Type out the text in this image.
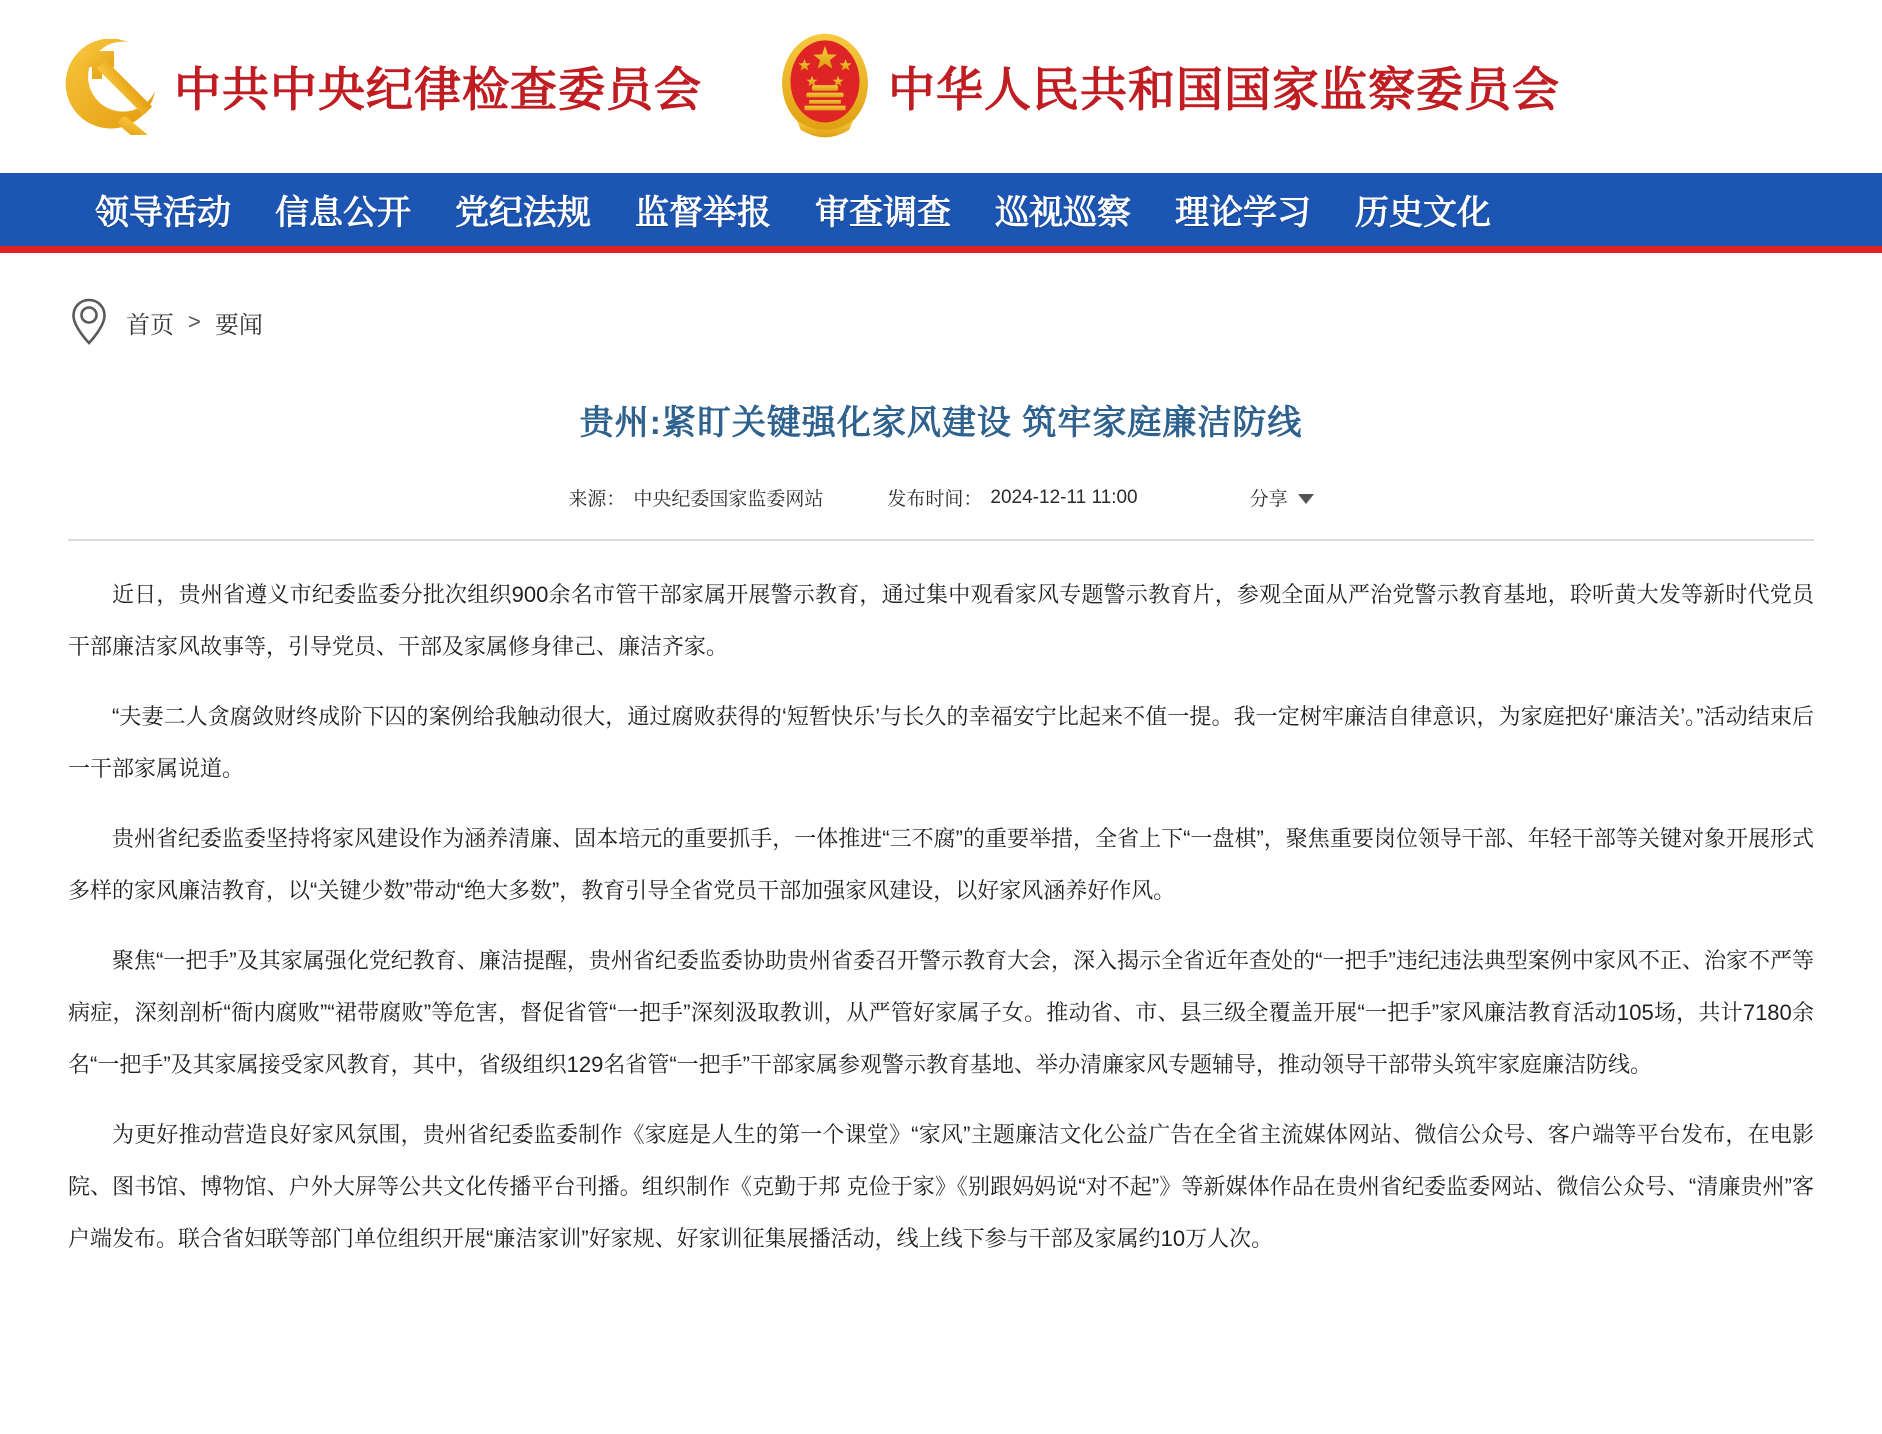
中共中央纪律检查委员会	中华人民共和国国家监察委员会
领导活动 信息公开 党纪法规 监督举报 审查调查 巡视巡察 理论学习 历史文化
首页 > 要闻
贵州:紧盯关键强化家风建设 筑牢家庭廉洁防线
来源： 中央纪委国家监委网站	发布时间： 2024-12-11 11:00	分享

近日，贵州省遵义市纪委监委分批次组织900余名市管干部家属开展警示教育，通过集中观看家风专题警示教育片，参观全面从严治党警示教育基地，聆听黄大发等新时代党员干部廉洁家风故事等，引导党员、干部及家属修身律己、廉洁齐家。

“夫妻二人贪腐敛财终成阶下囚的案例给我触动很大，通过腐败获得的‘短暂快乐’与长久的幸福安宁比起来不值一提。我一定树牢廉洁自律意识，为家庭把好‘廉洁关’。”活动结束后一干部家属说道。

贵州省纪委监委坚持将家风建设作为涵养清廉、固本培元的重要抓手，一体推进“三不腐”的重要举措，全省上下“一盘棋”，聚焦重要岗位领导干部、年轻干部等关键对象开展形式多样的家风廉洁教育，以“关键少数”带动“绝大多数”，教育引导全省党员干部加强家风建设，以好家风涵养好作风。

聚焦“一把手”及其家属强化党纪教育、廉洁提醒，贵州省纪委监委协助贵州省委召开警示教育大会，深入揭示全省近年查处的“一把手”违纪违法典型案例中家风不正、治家不严等病症，深刻剖析“衙内腐败”“裙带腐败”等危害，督促省管“一把手”深刻汲取教训，从严管好家属子女。推动省、市、县三级全覆盖开展“一把手”家风廉洁教育活动105场，共计7180余名“一把手”及其家属接受家风教育，其中，省级组织129名省管“一把手”干部家属参观警示教育基地、举办清廉家风专题辅导，推动领导干部带头筑牢家庭廉洁防线。

为更好推动营造良好家风氛围，贵州省纪委监委制作《家庭是人生的第一个课堂》“家风”主题廉洁文化公益广告在全省主流媒体网站、微信公众号、客户端等平台发布，在电影院、图书馆、博物馆、户外大屏等公共文化传播平台刊播。组织制作《克勤于邦 克俭于家》《别跟妈妈说“对不起”》等新媒体作品在贵州省纪委监委网站、微信公众号、“清廉贵州”客户端发布。联合省妇联等部门单位组织开展“廉洁家训”好家规、好家训征集展播活动，线上线下参与干部及家属约10万人次。
